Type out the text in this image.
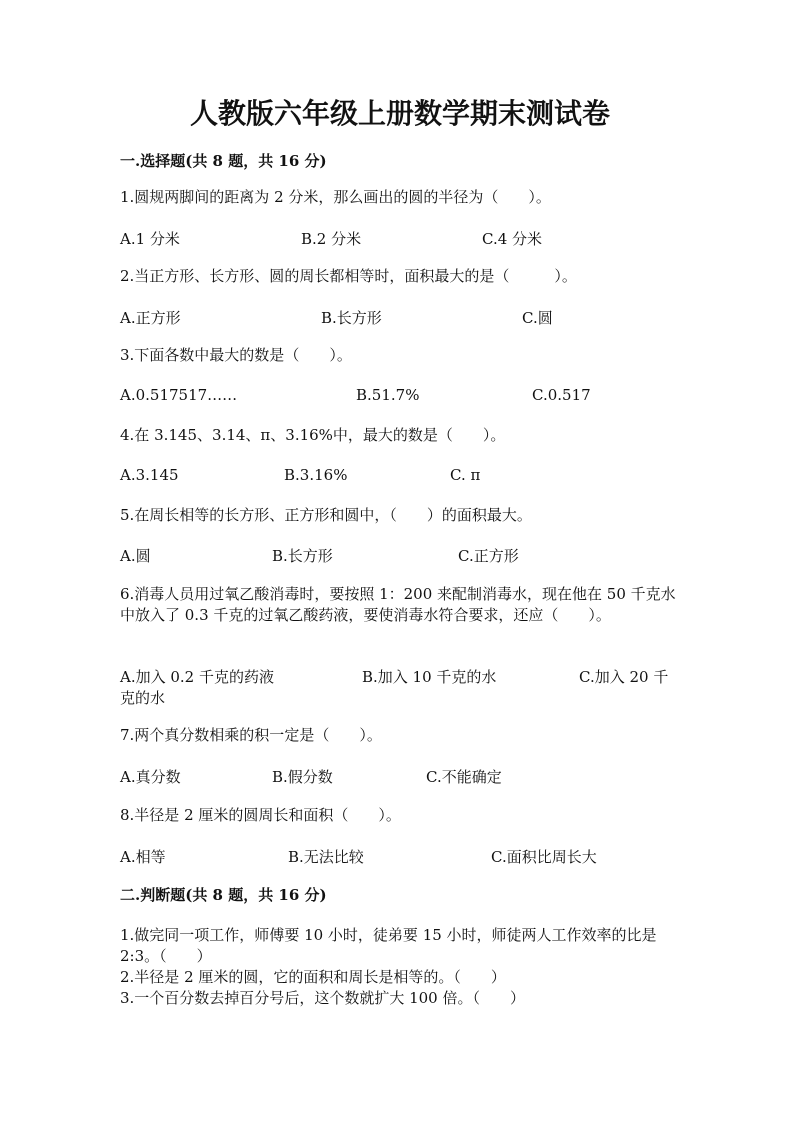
人教版六年级上册数学期末测试卷
一.选择题(共 8 题，共 16 分)
1.圆规两脚间的距离为 2 分米，那么画出的圆的半径为（　　）。
A.1 分米	B.2 分米	C.4 分米
2.当正方形、长方形、圆的周长都相等时，面积最大的是（　　　）。
A.正方形	B.长方形	C.圆
3.下面各数中最大的数是（　　）。
A.0.517517……	B.51.7%	C.0.517
4.在 3.145、3.14、π、3.16%中，最大的数是（　　）。
A.3.145	B.3.16%	C. π
5.在周长相等的长方形、正方形和圆中，（　　）的面积最大。
A.圆	B.长方形	C.正方形
6.消毒人员用过氧乙酸消毒时，要按照 1：200 来配制消毒水，现在他在 50 千克水中放入了 0.3 千克的过氧乙酸药液，要使消毒水符合要求，还应（　　）。
A.加入 0.2 千克的药液	B.加入 10 千克的水	C.加入 20 千
克的水
7.两个真分数相乘的积一定是（　　）。
A.真分数	B.假分数	C.不能确定
8.半径是 2 厘米的圆周长和面积（　　）。
A.相等	B.无法比较	C.面积比周长大
二.判断题(共 8 题，共 16 分)
1.做完同一项工作，师傅要 10 小时，徒弟要 15 小时，师徒两人工作效率的比是 2:3。（　　）
2.半径是 2 厘米的圆，它的面积和周长是相等的。（　　）
3.一个百分数去掉百分号后，这个数就扩大 100 倍。（　　）
